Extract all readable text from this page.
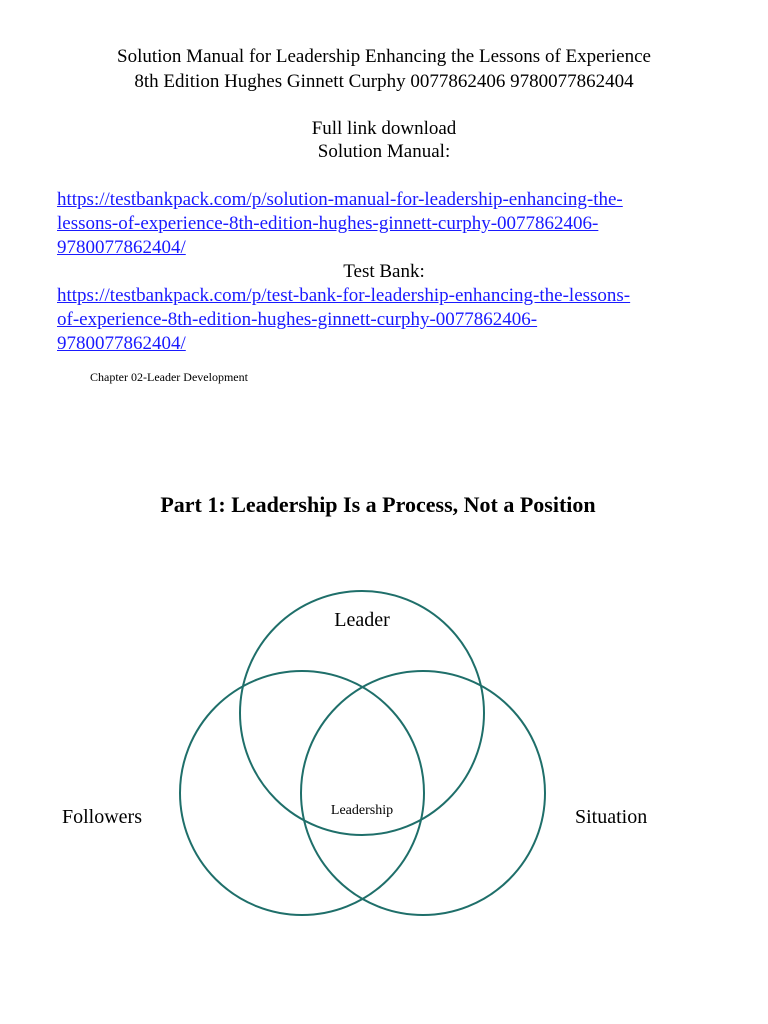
Solution Manual for Leadership Enhancing the Lessons of Experience
8th Edition Hughes Ginnett Curphy 0077862406 9780077862404
Full link download
Solution Manual:
https://testbankpack.com/p/solution-manual-for-leadership-enhancing-the-
lessons-of-experience-8th-edition-hughes-ginnett-curphy-0077862406-
9780077862404/
Test Bank:
https://testbankpack.com/p/test-bank-for-leadership-enhancing-the-lessons-
of-experience-8th-edition-hughes-ginnett-curphy-0077862406-
9780077862404/
Chapter 02-Leader Development
Part 1: Leadership Is a Process, Not a Position
Leader
Followers	Situation
Leadership
